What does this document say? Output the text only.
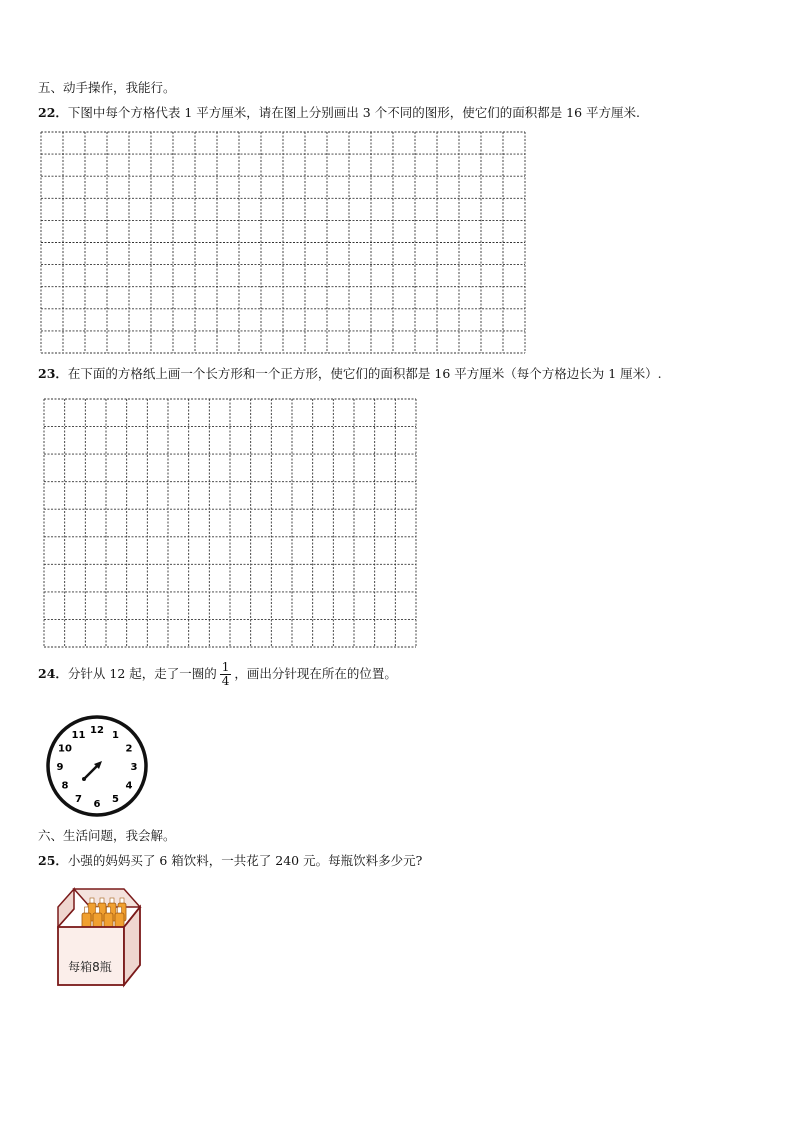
五、动手操作，我能行。
22．下图中每个方格代表 1 平方厘米，请在图上分别画出 3 个不同的图形，使它们的面积都是 16 平方厘米.
23．在下面的方格纸上画一个长方形和一个正方形，使它们的面积都是 16 平方厘米（每个方格边长为 1 厘米）.
24．分针从 12 起，走了一圈的 $\frac{1}{4}$ ，画出分针现在所在的位置。
12 1
2
3
4
5
6
7
8
9
10
11
六、生活问题，我会解。
25．小强的妈妈买了 6 箱饮料，一共花了 240 元。每瓶饮料多少元?
每箱8瓶
